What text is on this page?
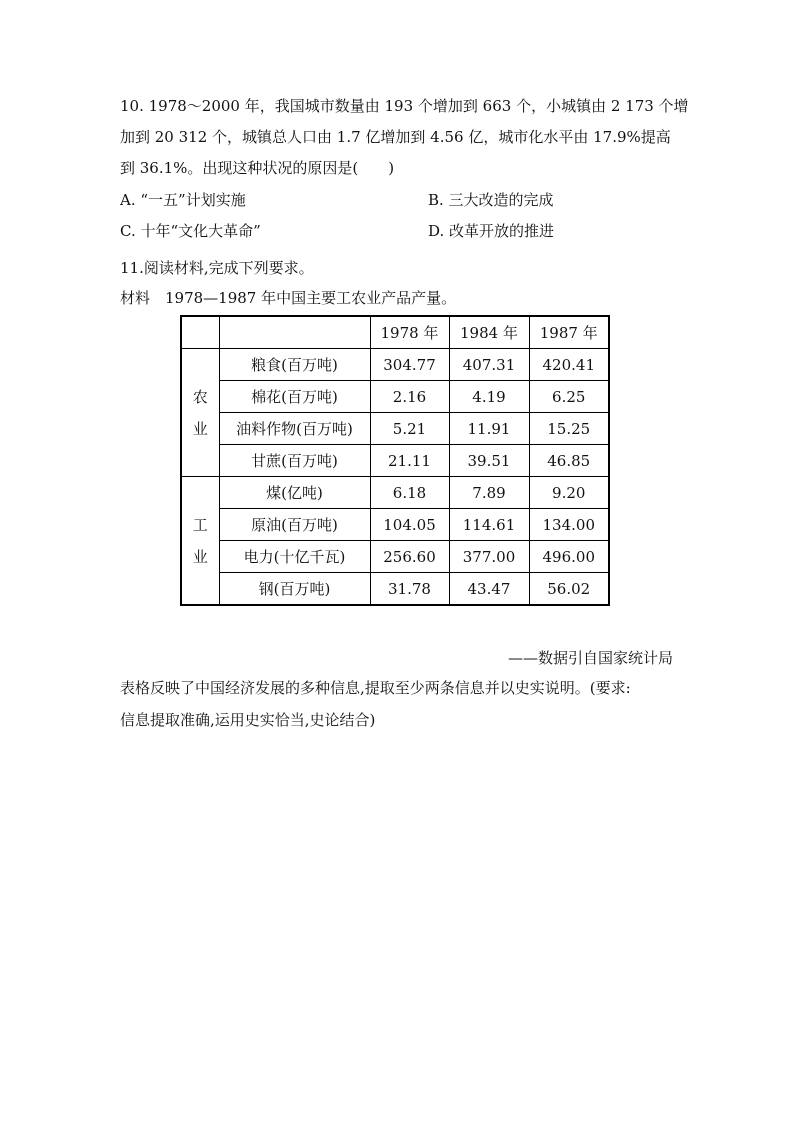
10. 1978～2000 年，我国城市数量由 193 个增加到 663 个，小城镇由 2 173 个增
加到 20 312 个，城镇总人口由 1.7 亿增加到 4.56 亿，城市化水平由 17.9%提高
到 36.1%。出现这种状况的原因是(　　)
A. “一五”计划实施	B. 三大改造的完成
C. 十年“文化大革命”	D. 改革开放的推进
11.阅读材料,完成下列要求。
材料　1978—1987 年中国主要工农业产品产量。
		1978 年	1984 年	1987 年

农
业	粮食(百万吨)	304.77	407.31	420.41
	棉花(百万吨)	2.16	4.19	6.25
	油料作物(百万吨)	5.21	11.91	15.25
	甘蔗(百万吨)	21.11	39.51	46.85

工
业	煤(亿吨)	6.18	7.89	9.20
	原油(百万吨)	104.05	114.61	134.00
	电力(十亿千瓦)	256.60	377.00	496.00
	钢(百万吨)	31.78	43.47	56.02
——数据引自国家统计局
表格反映了中国经济发展的多种信息,提取至少两条信息并以史实说明。(要求:
信息提取准确,运用史实恰当,史论结合)
